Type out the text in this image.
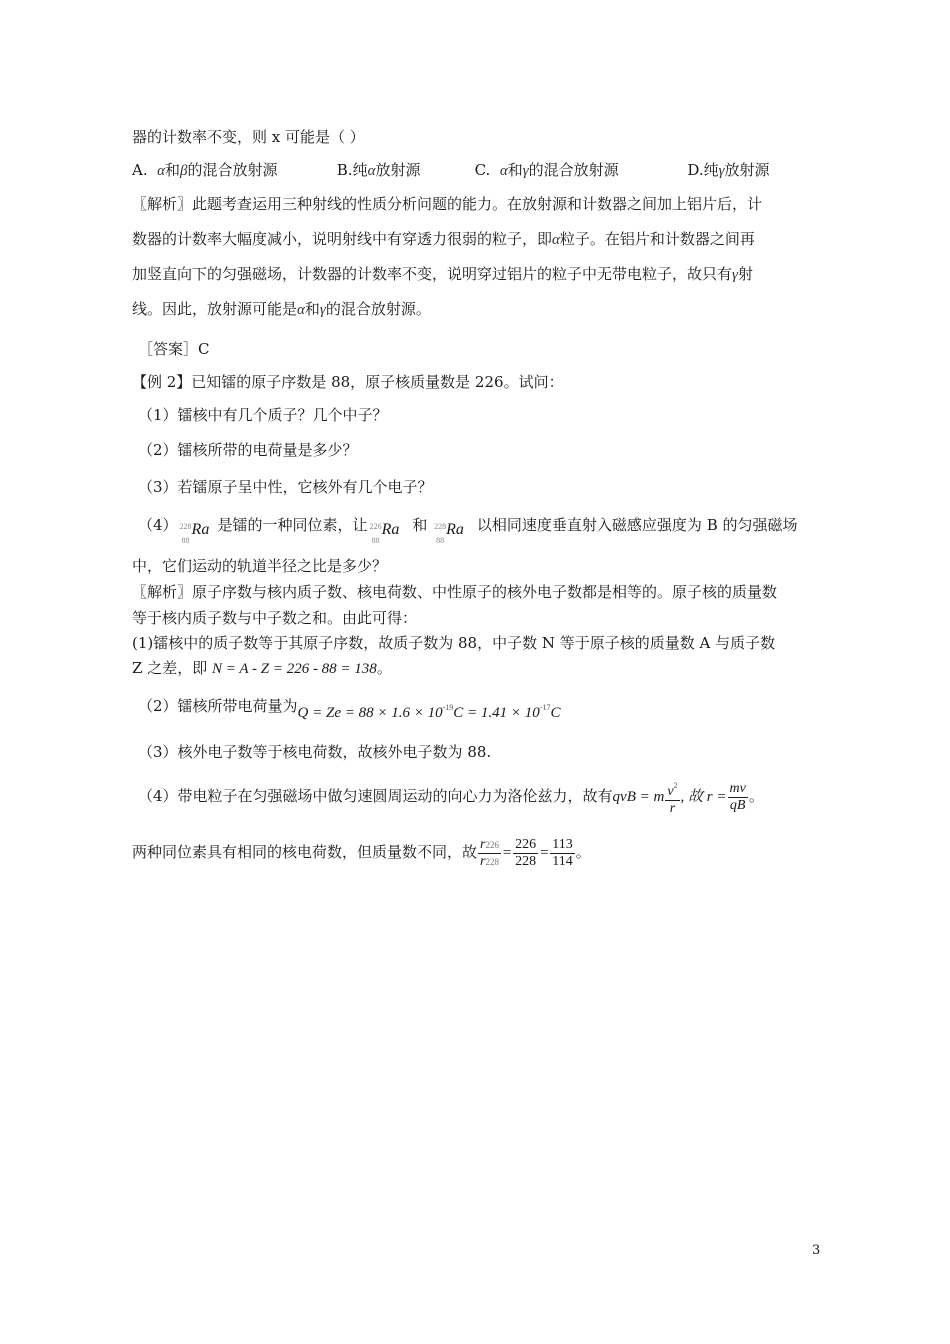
器的计数率不变，则 x 可能是（ ）
A. α和β的混合放射源	B.纯α放射源	C. α和γ的混合放射源	D.纯γ放射源
〖解析〗此题考查运用三种射线的性质分析问题的能力。在放射源和计数器之间加上铝片后，计
数器的计数率大幅度减小，说明射线中有穿透力很弱的粒子，即α粒子。在铝片和计数器之间再
加竖直向下的匀强磁场，计数器的计数率不变，说明穿过铝片的粒子中无带电粒子，故只有γ射
线。因此，放射源可能是α和γ的混合放射源。
［答案］C
【例 2】已知镭的原子序数是 88，原子核质量数是 226。试问：
（1）镭核中有几个质子？几个中子？
（2）镭核所带的电荷量是多少？
（3）若镭原子呈中性，它核外有几个电子？
（4） 228
88
Ra 是镭的一种同位素，让 226
88
Ra 和 228
88
Ra 以相同速度垂直射入磁感应强度为 B 的匀强磁场
中，它们运动的轨道半径之比是多少？
〖解析〗原子序数与核内质子数、核电荷数、中性原子的核外电子数都是相等的。原子核的质量数
等于核内质子数与中子数之和。由此可得：
(1)镭核中的质子数等于其原子序数，故质子数为 88，中子数 N 等于原子核的质量数 A 与质子数
Z 之差，即 N = A - Z = 226 - 88 = 138。
（2）镭核所带电荷量为$Q = Ze = 88 \times 1.6 \times 10^{-19}C = 1.41 \times 10^{-17}C$
（3）核外电子数等于核电荷数，故核外电子数为 88.
（4）带电粒子在匀强磁场中做匀速圆周运动的向心力为洛伦兹力，故有qvB = m $\frac{v^2}{r}$ , 故 $r = \frac{mv}{qB}$ 。
两种同位素具有相同的核电荷数，但质量数不同，故 $\frac{r226}{r228} = \frac{226}{228} = \frac{113}{114}$ 。
3
